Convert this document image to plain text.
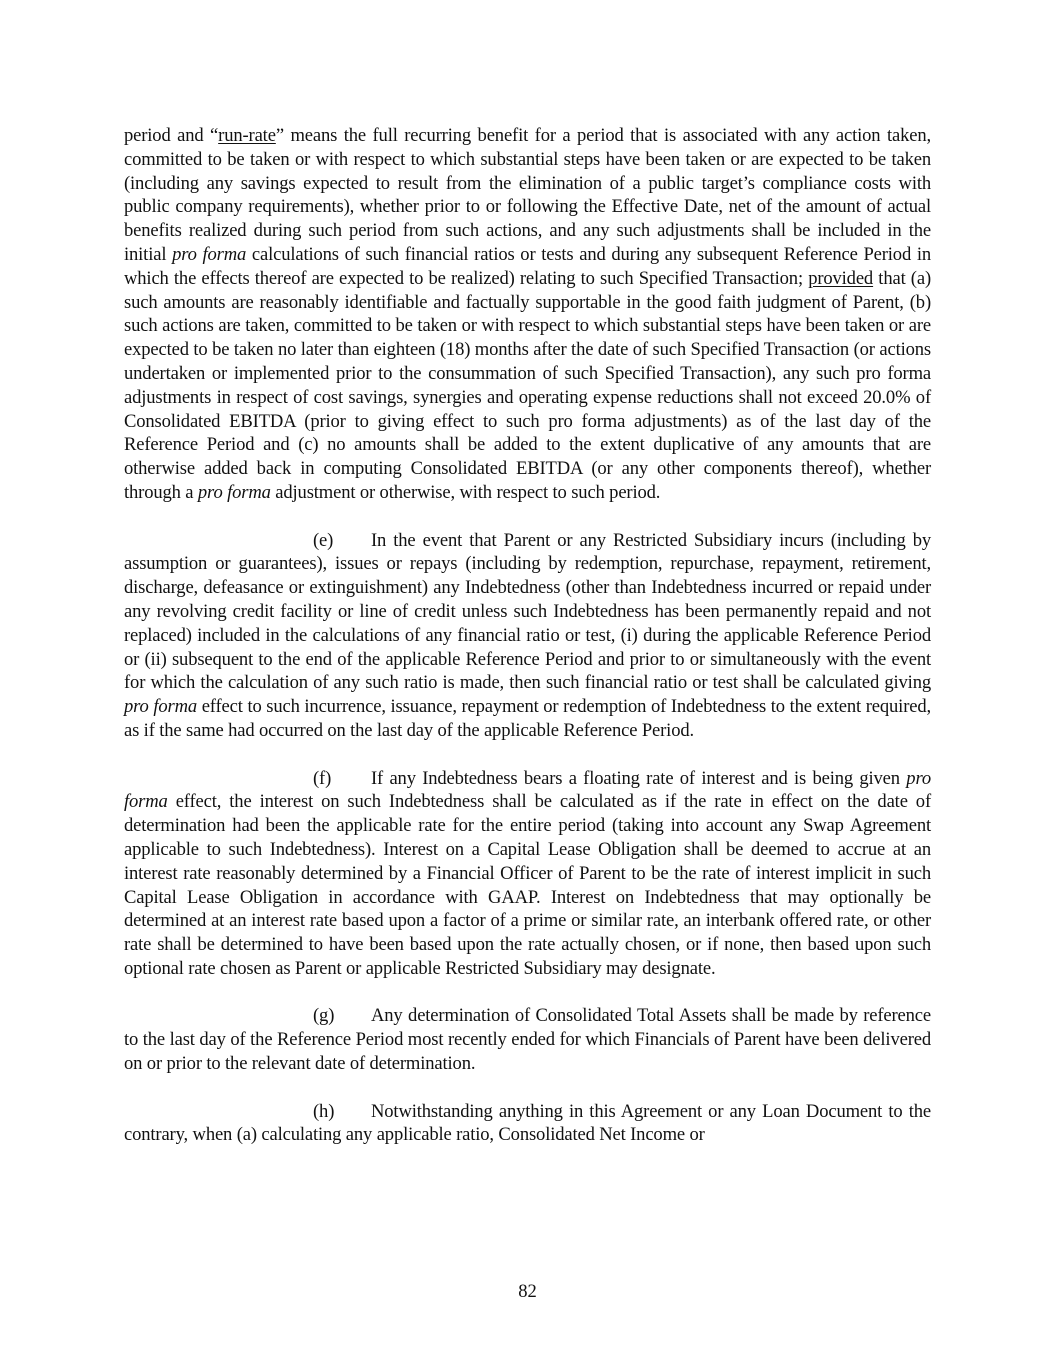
period and “run-rate” means the full recurring benefit for a period that is associated with any action taken, committed to be taken or with respect to which substantial steps have been taken or are expected to be taken (including any savings expected to result from the elimination of a public target’s compliance costs with public company requirements), whether prior to or following the Effective Date, net of the amount of actual benefits realized during such period from such actions, and any such adjustments shall be included in the initial pro forma calculations of such financial ratios or tests and during any subsequent Reference Period in which the effects thereof are expected to be realized) relating to such Specified Transaction; provided that (a) such amounts are reasonably identifiable and factually supportable in the good faith judgment of Parent, (b) such actions are taken, committed to be taken or with respect to which substantial steps have been taken or are expected to be taken no later than eighteen (18) months after the date of such Specified Transaction (or actions undertaken or implemented prior to the consummation of such Specified Transaction), any such pro forma adjustments in respect of cost savings, synergies and operating expense reductions shall not exceed 20.0% of Consolidated EBITDA (prior to giving effect to such pro forma adjustments) as of the last day of the Reference Period and (c) no amounts shall be added to the extent duplicative of any amounts that are otherwise added back in computing Consolidated EBITDA (or any other components thereof), whether through a pro forma adjustment or otherwise, with respect to such period.

(e) In the event that Parent or any Restricted Subsidiary incurs (including by assumption or guarantees), issues or repays (including by redemption, repurchase, repayment, retirement, discharge, defeasance or extinguishment) any Indebtedness (other than Indebtedness incurred or repaid under any revolving credit facility or line of credit unless such Indebtedness has been permanently repaid and not replaced) included in the calculations of any financial ratio or test, (i) during the applicable Reference Period or (ii) subsequent to the end of the applicable Reference Period and prior to or simultaneously with the event for which the calculation of any such ratio is made, then such financial ratio or test shall be calculated giving pro forma effect to such incurrence, issuance, repayment or redemption of Indebtedness to the extent required, as if the same had occurred on the last day of the applicable Reference Period.

(f) If any Indebtedness bears a floating rate of interest and is being given pro forma effect, the interest on such Indebtedness shall be calculated as if the rate in effect on the date of determination had been the applicable rate for the entire period (taking into account any Swap Agreement applicable to such Indebtedness). Interest on a Capital Lease Obligation shall be deemed to accrue at an interest rate reasonably determined by a Financial Officer of Parent to be the rate of interest implicit in such Capital Lease Obligation in accordance with GAAP. Interest on Indebtedness that may optionally be determined at an interest rate based upon a factor of a prime or similar rate, an interbank offered rate, or other rate shall be determined to have been based upon the rate actually chosen, or if none, then based upon such optional rate chosen as Parent or applicable Restricted Subsidiary may designate.

(g) Any determination of Consolidated Total Assets shall be made by reference to the last day of the Reference Period most recently ended for which Financials of Parent have been delivered on or prior to the relevant date of determination.

(h) Notwithstanding anything in this Agreement or any Loan Document to the contrary, when (a) calculating any applicable ratio, Consolidated Net Income or

82
